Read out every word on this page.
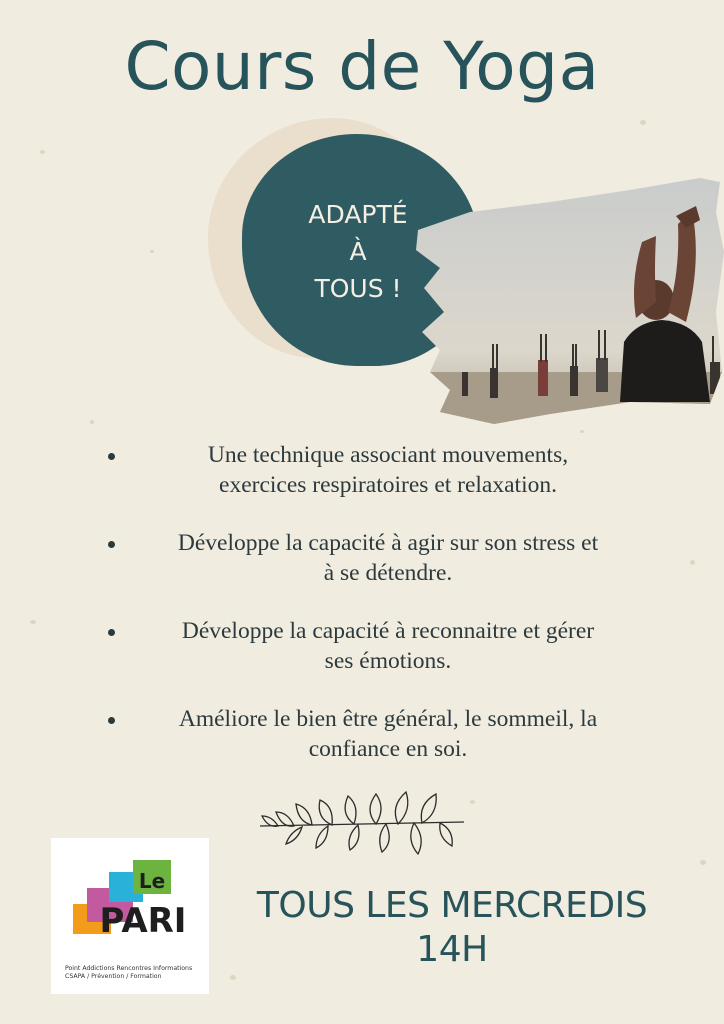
Cours de Yoga
ADAPTÉ
À
TOUS !
Une technique associant mouvements,
exercices respiratoires et relaxation.
Développe la capacité à agir sur son stress et
à se détendre.
Développe la capacité à reconnaitre et gérer
ses émotions.
Améliore le bien être général, le sommeil, la
confiance en soi.
Le
PARI
Point Addictions Rencontres Informations
CSAPA / Prévention / Formation
TOUS LES MERCREDIS
14H
